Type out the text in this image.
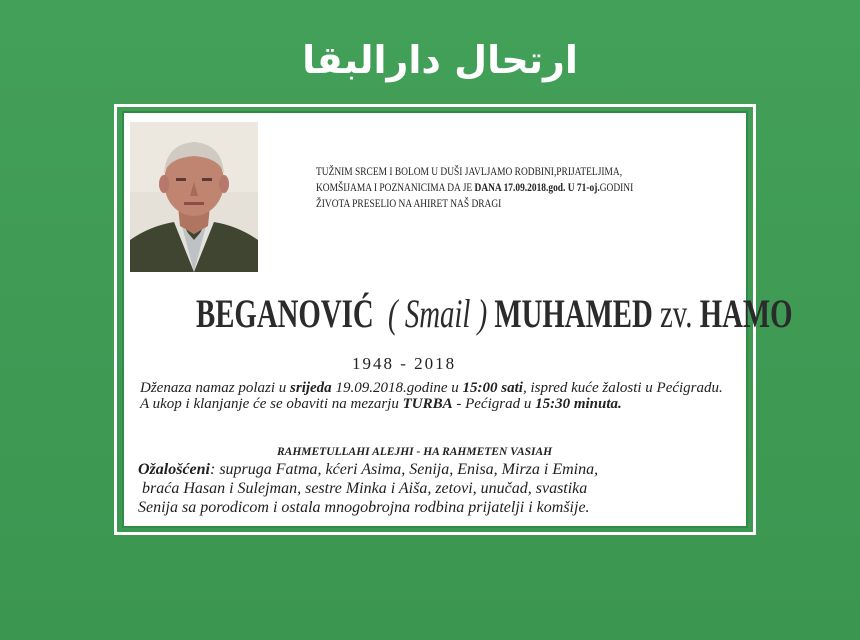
ارتحال دارالبقا
TUŽNIM SRCEM I BOLOM U DUŠI JAVLJAMO RODBINI,PRIJATELJIMA,
KOMŠIJAMA I POZNANICIMA DA JE DANA 17.09.2018.god. U 71-oj.GODINI
ŽIVOTA PRESELIO NA AHIRET NAŠ DRAGI
BEGANOVIĆ ( Smail ) MUHAMED zv. HAMO
1948 - 2018
Dženaza namaz polazi u srijeda 19.09.2018.godine u 15:00 sati, ispred kuće žalosti u Pećigradu.
A ukop i klanjanje će se obaviti na mezarju TURBA - Pećigrad u 15:30 minuta.
RAHMETULLAHI ALEJHI - HA RAHMETEN VASIAH
Ožalošćeni: supruga Fatma, kćeri Asima, Senija, Enisa, Mirza i Emina,
braća Hasan i Sulejman, sestre Minka i Aiša, zetovi, unučad, svastika
Senija sa porodicom i ostala mnogobrojna rodbina prijatelji i komšije.
